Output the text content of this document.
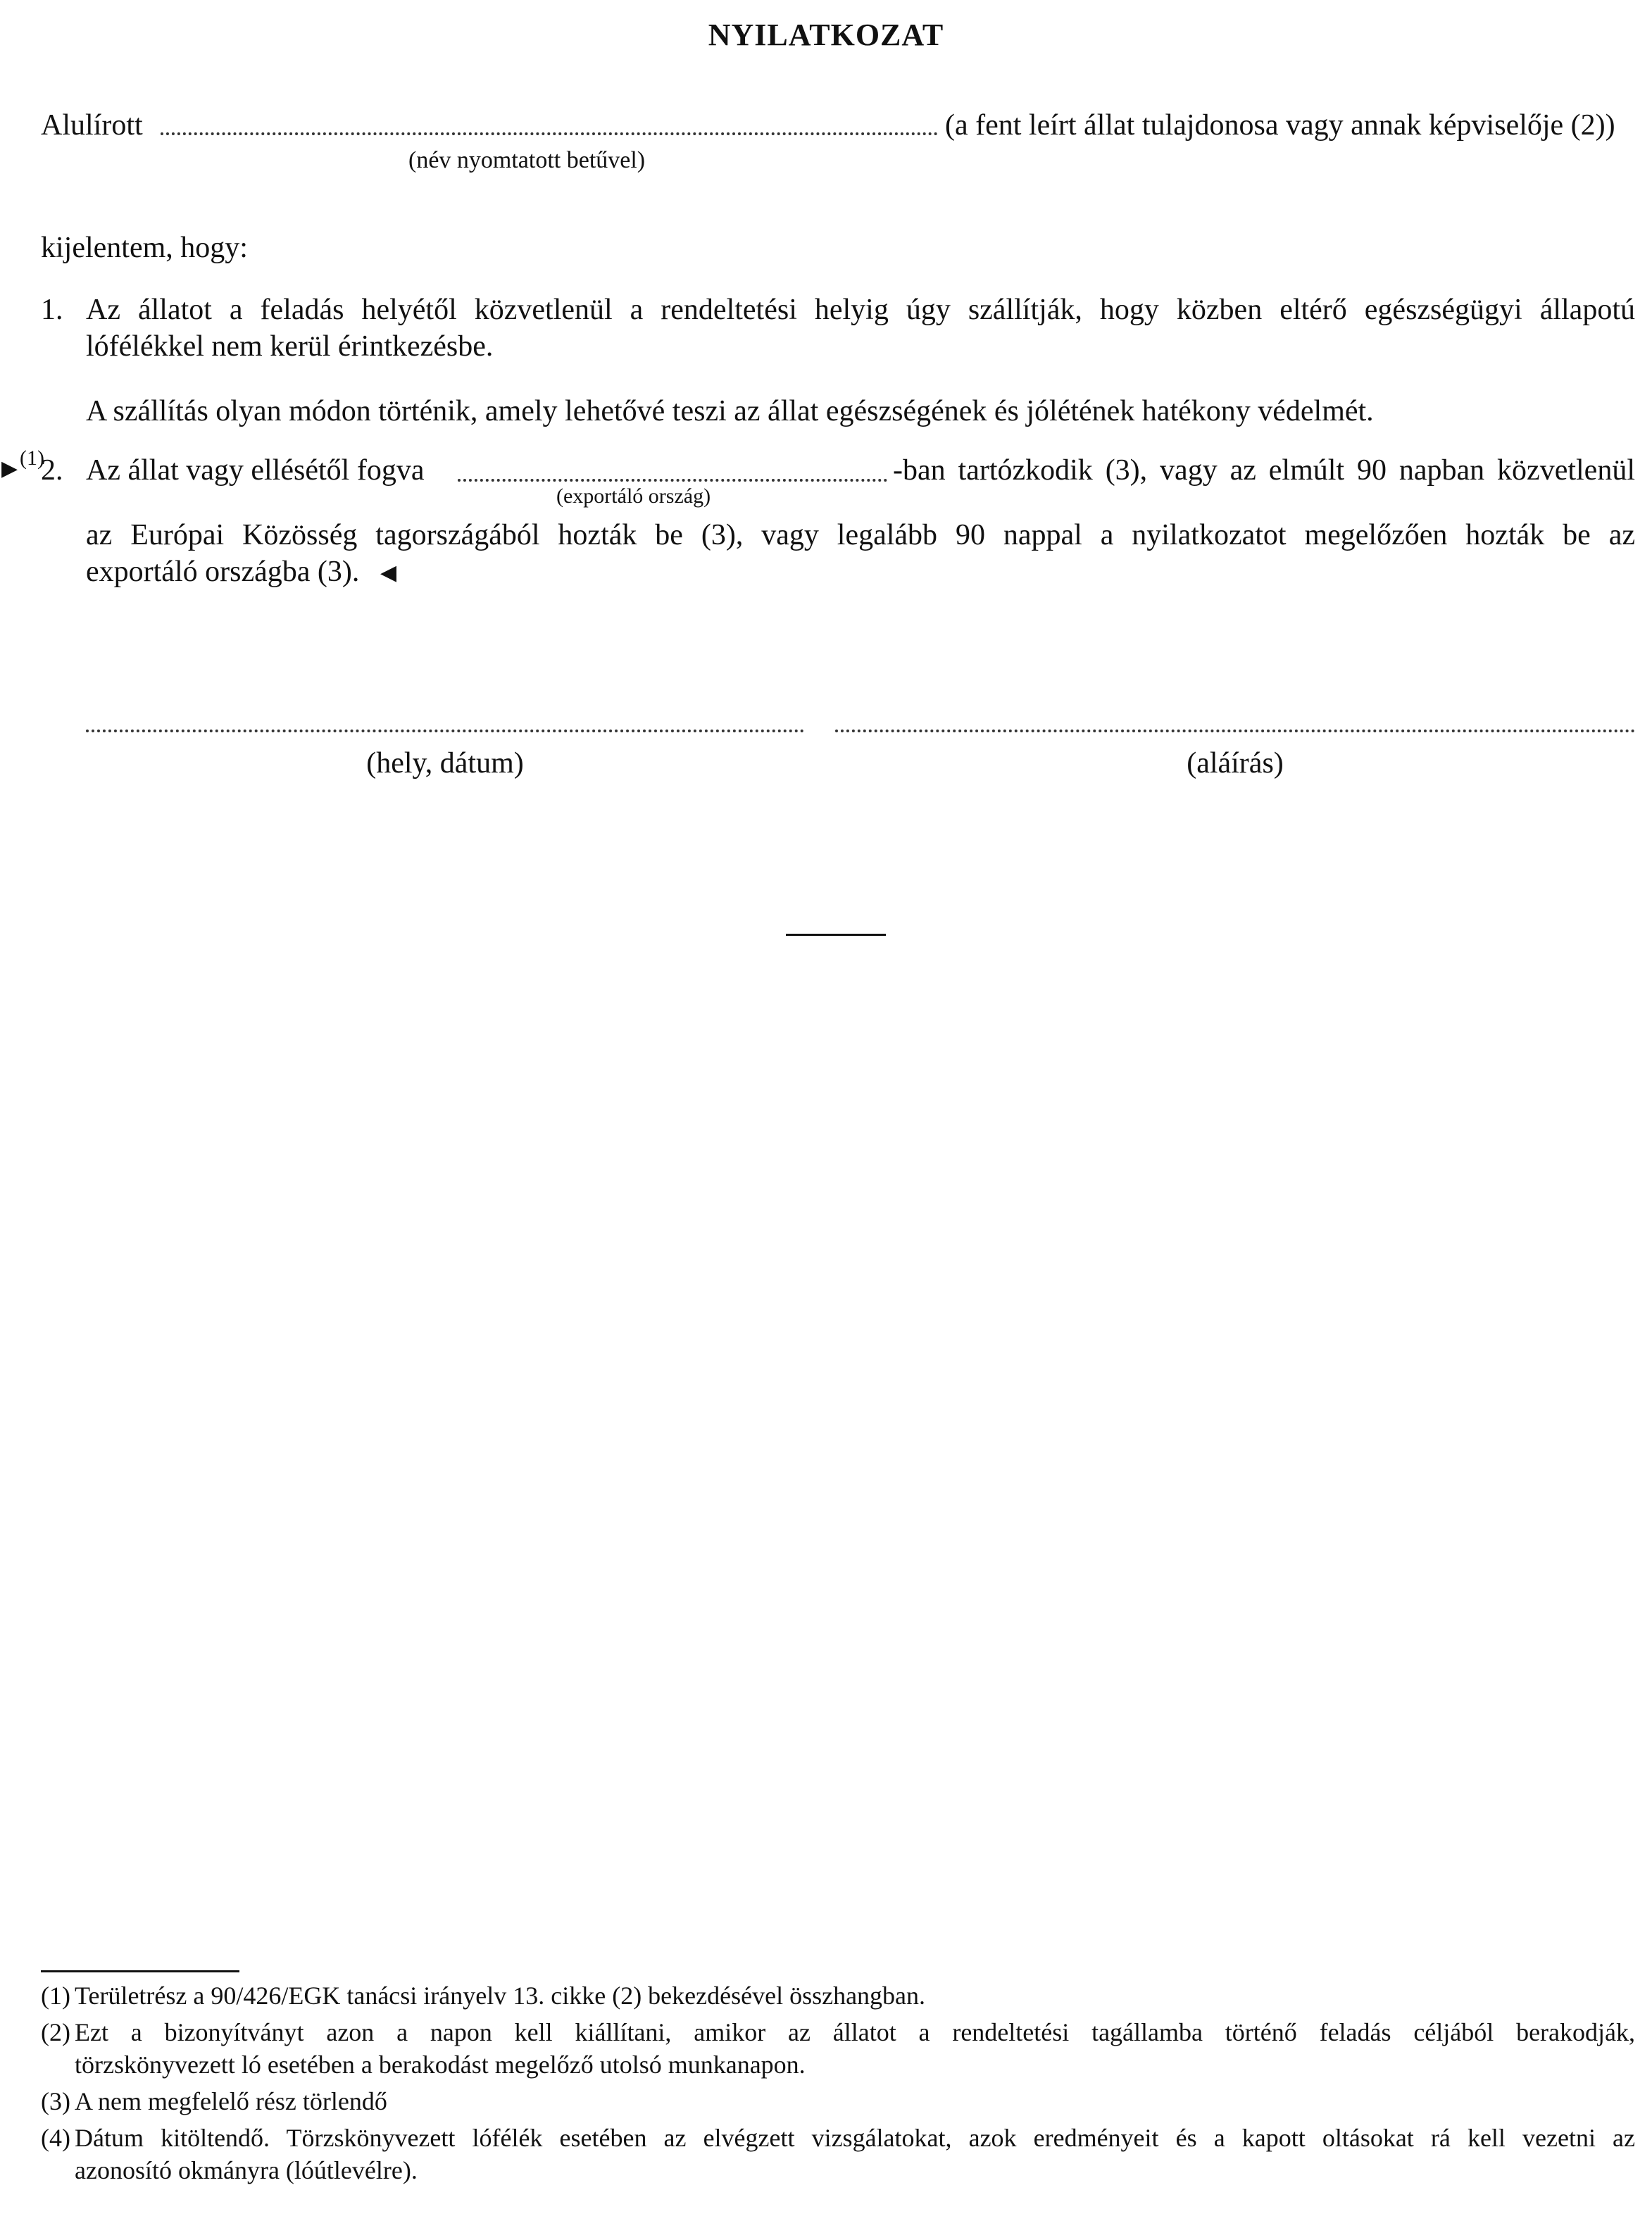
NYILATKOZAT
Alulírott	(a fent leírt állat tulajdonosa vagy annak képviselője (2))
(név nyomtatott betűvel)
kijelentem, hogy:
1. Az állatot a feladás helyétől közvetlenül a rendeltetési helyig úgy szállítják, hogy közben eltérő egészségügyi állapotú
lófélékkel nem kerül érintkezésbe.
A szállítás olyan módon történik, amely lehetővé teszi az állat egészségének és jólétének hatékony védelmét.
▶ (1)
2. Az állat vagy ellésétől fogva
(exportáló ország)
-ban tartózkodik (3), vagy az elmúlt 90 napban közvetlenül
az Európai Közösség tagországából hozták be (3), vagy legalább 90 nappal a nyilatkozatot megelőzően hozták be az
exportáló országba (3). ◀
(hely, dátum)	(aláírás)
(1) Területrész a 90/426/EGK tanácsi irányelv 13. cikke (2) bekezdésével összhangban.
(2) Ezt a bizonyítványt azon a napon kell kiállítani, amikor az állatot a rendeltetési tagállamba történő feladás céljából berakodják,
törzskönyvezett ló esetében a berakodást megelőző utolsó munkanapon.
(3) A nem megfelelő rész törlendő
(4) Dátum kitöltendő. Törzskönyvezett lófélék esetében az elvégzett vizsgálatokat, azok eredményeit és a kapott oltásokat rá kell vezetni az
azonosító okmányra (lóútlevélre).
